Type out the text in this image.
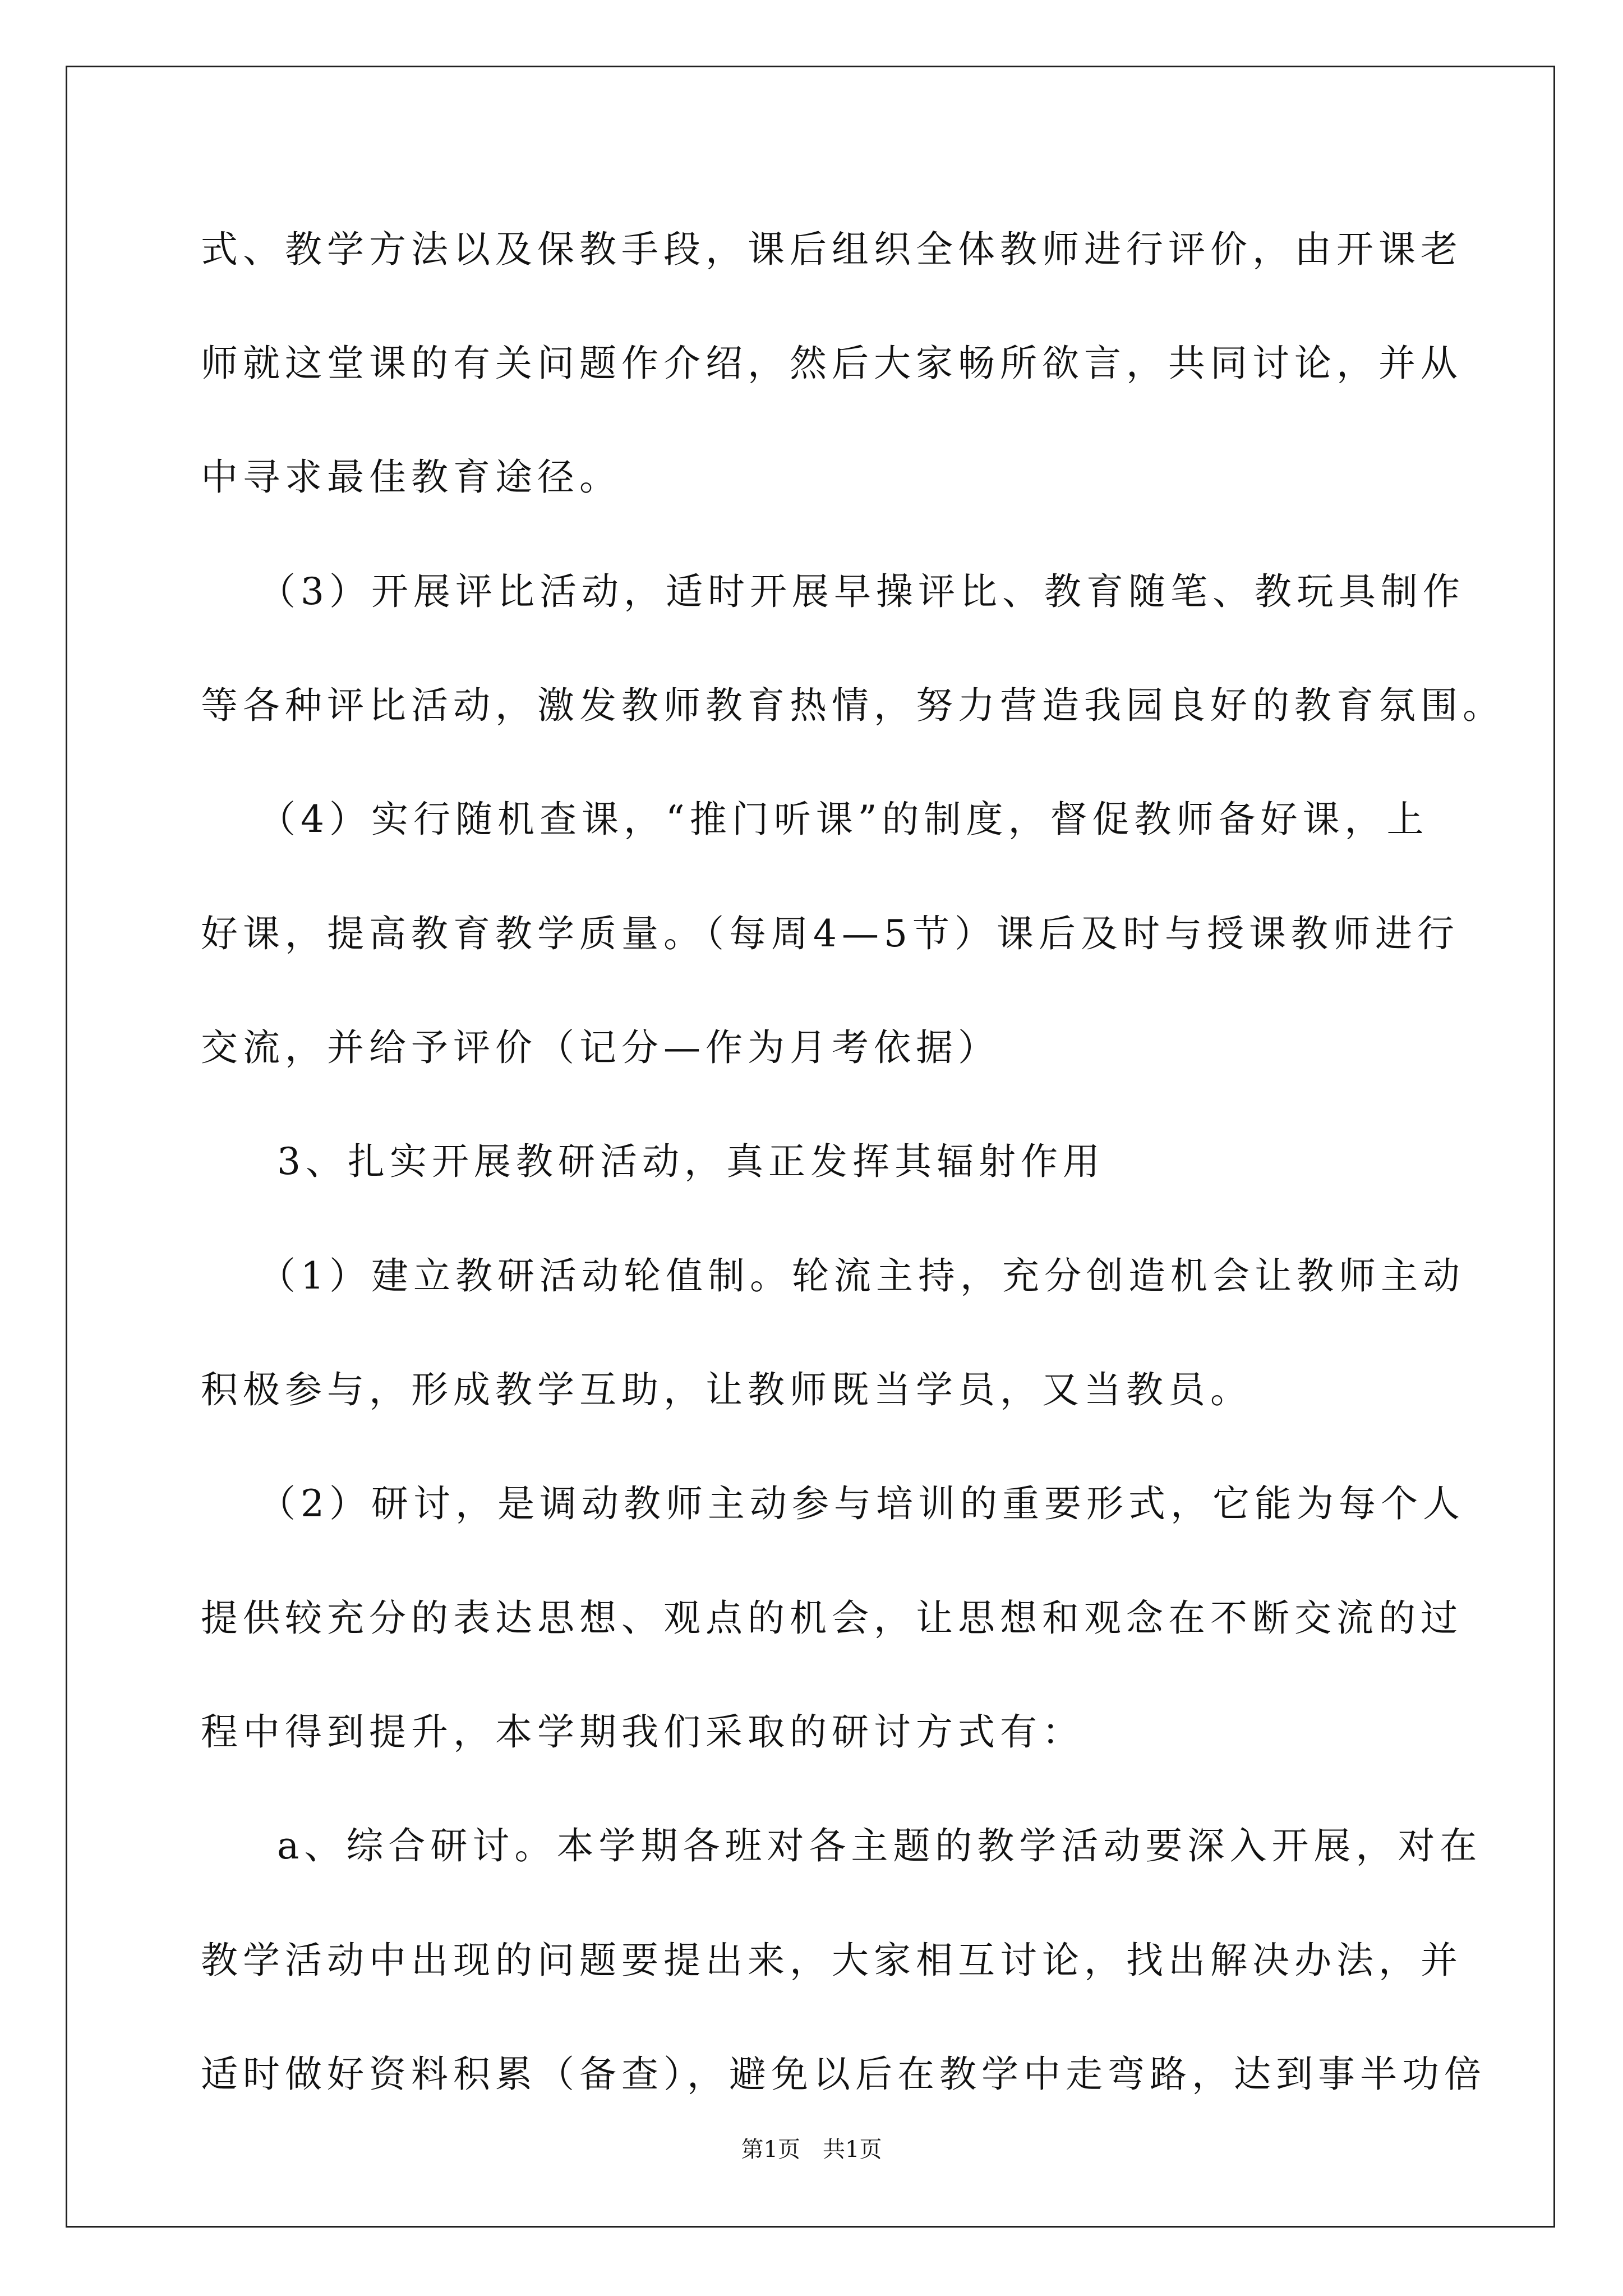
式、教学方法以及保教手段，课后组织全体教师进行评价，由开课老
师就这堂课的有关问题作介绍，然后大家畅所欲言，共同讨论，并从
中寻求最佳教育途径。
（3）开展评比活动，适时开展早操评比、教育随笔、教玩具制作
等各种评比活动，激发教师教育热情，努力营造我园良好的教育氛围。
（4）实行随机查课，“推门听课”的制度，督促教师备好课，上
好课，提高教育教学质量。（每周4—5节）课后及时与授课教师进行
交流，并给予评价（记分—作为月考依据）
3、扎实开展教研活动，真正发挥其辐射作用
（1）建立教研活动轮值制。轮流主持，充分创造机会让教师主动
积极参与，形成教学互助，让教师既当学员，又当教员。
（2）研讨，是调动教师主动参与培训的重要形式，它能为每个人
提供较充分的表达思想、观点的机会，让思想和观念在不断交流的过
程中得到提升，本学期我们采取的研讨方式有：
a、综合研讨。本学期各班对各主题的教学活动要深入开展，对在
教学活动中出现的问题要提出来，大家相互讨论，找出解决办法，并
适时做好资料积累（备查），避免以后在教学中走弯路，达到事半功倍
第1页　共1页
